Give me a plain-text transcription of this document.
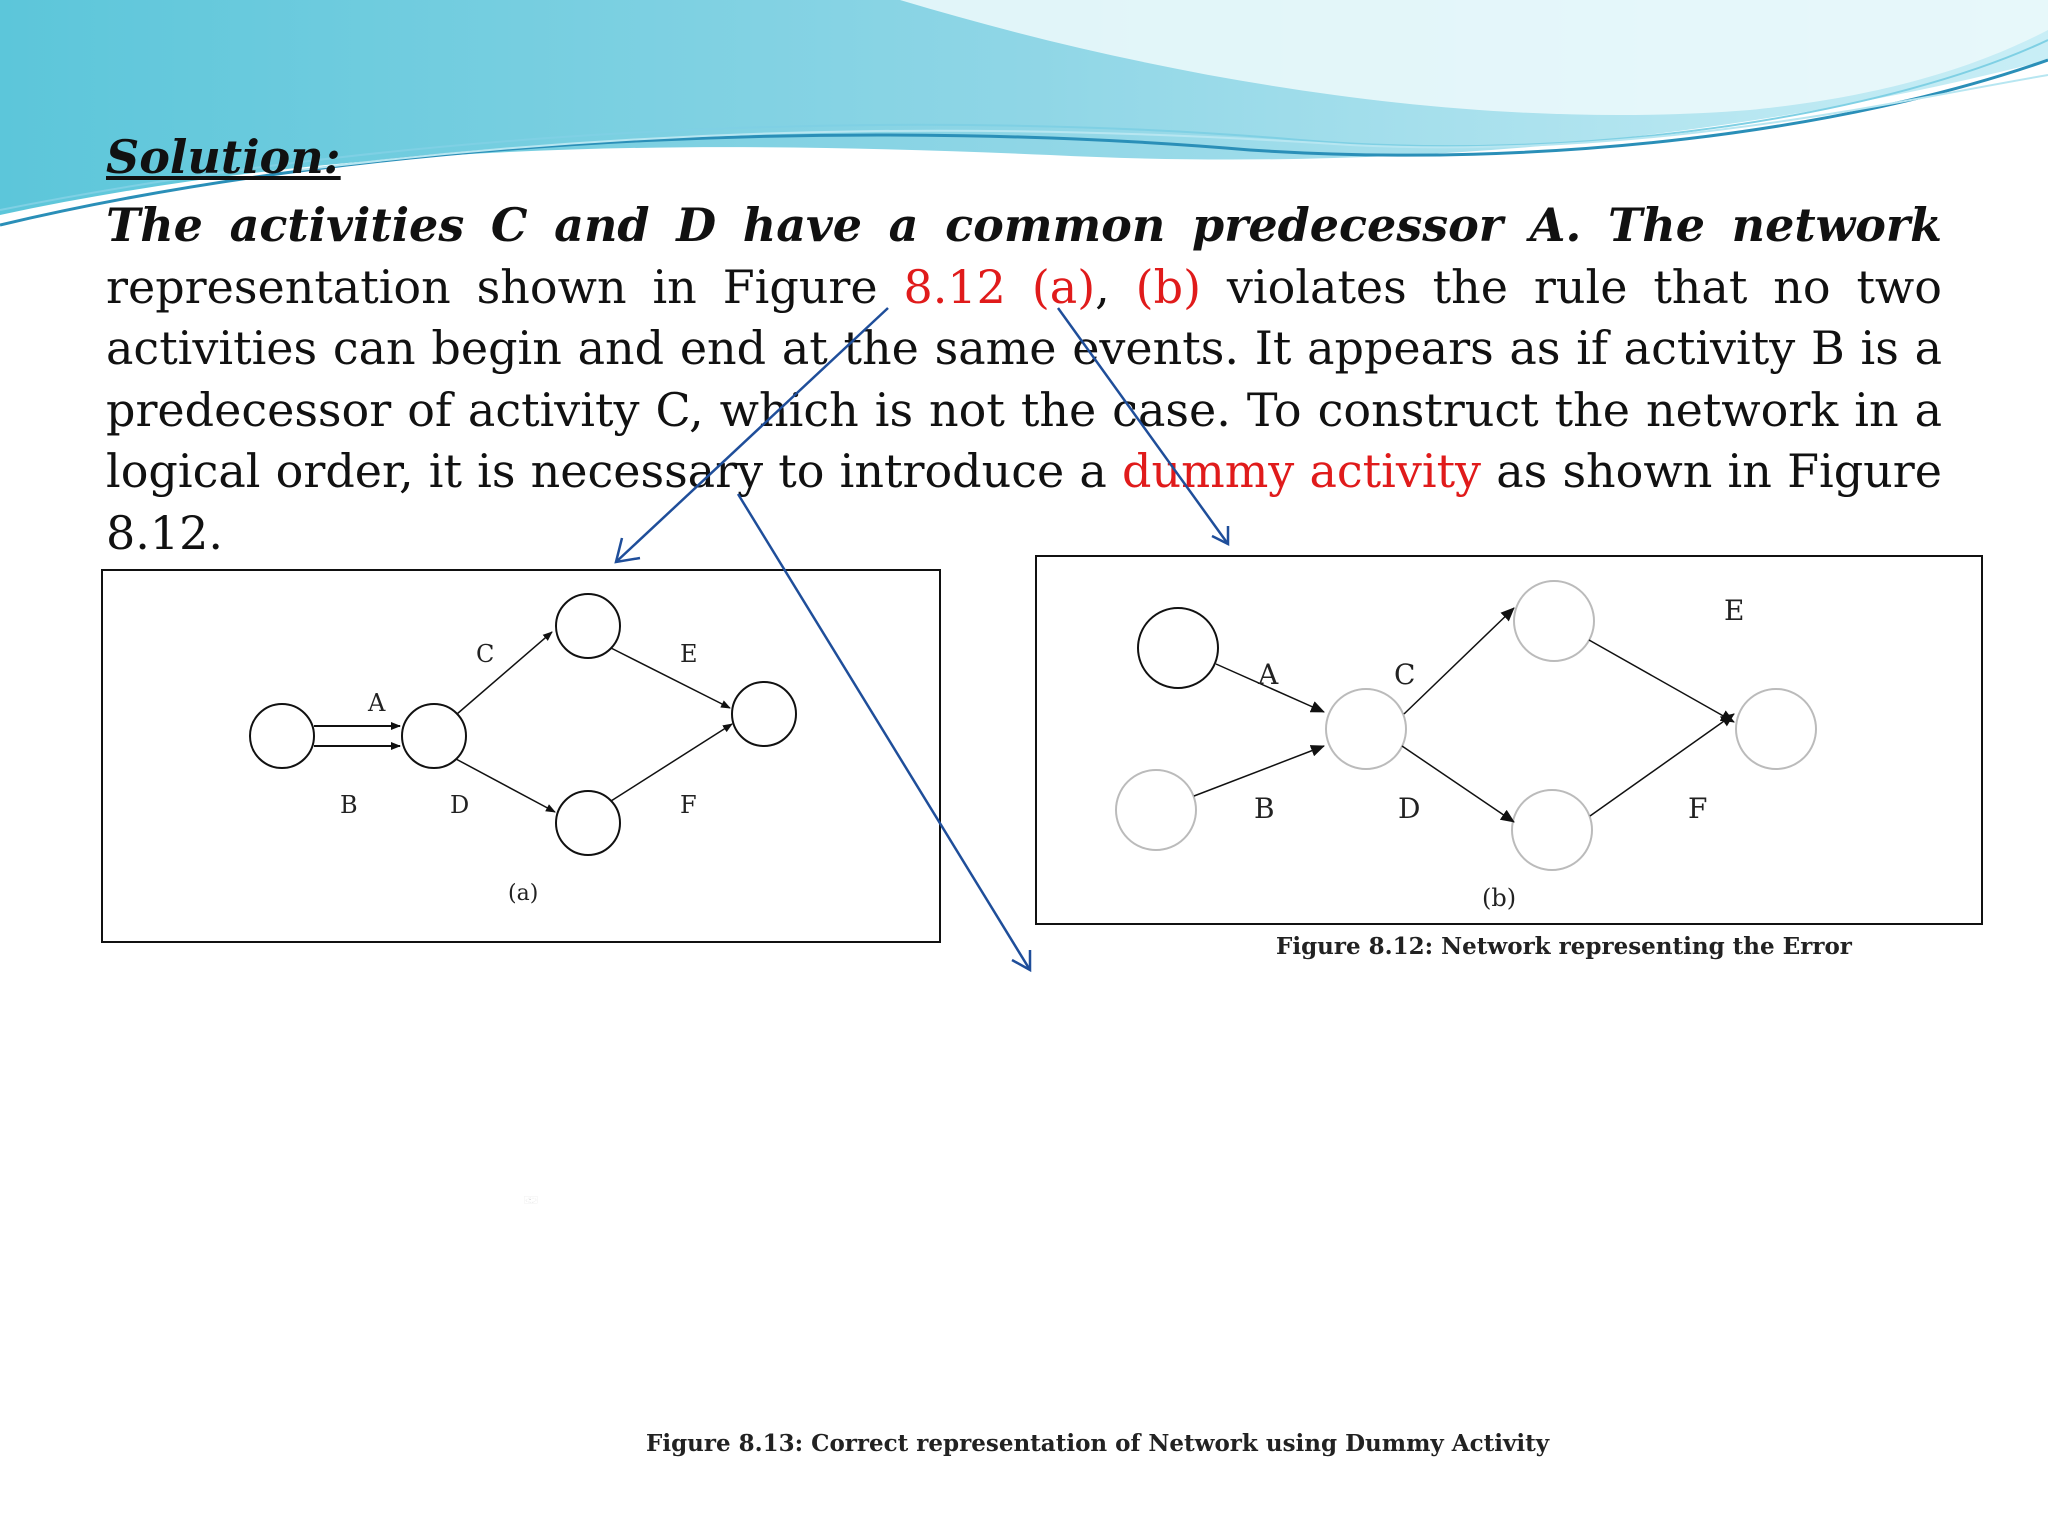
Solution:

The activities C and D have a common predecessor A. The network representation shown in Figure 8.12 (a), (b) violates the rule that no two activities can begin and end at the same events. It appears as if activity B is a predecessor of activity C, which is not the case. To construct the network in a logical order, it is necessary to introduce a dummy activity as shown in Figure 8.12.

A
B
C
D
E
F
(a)
A
B
C
D
E
F
(b)
Figure 8.12: Network representing the Error
Figure 8.13: Correct representation of Network using Dummy Activity
